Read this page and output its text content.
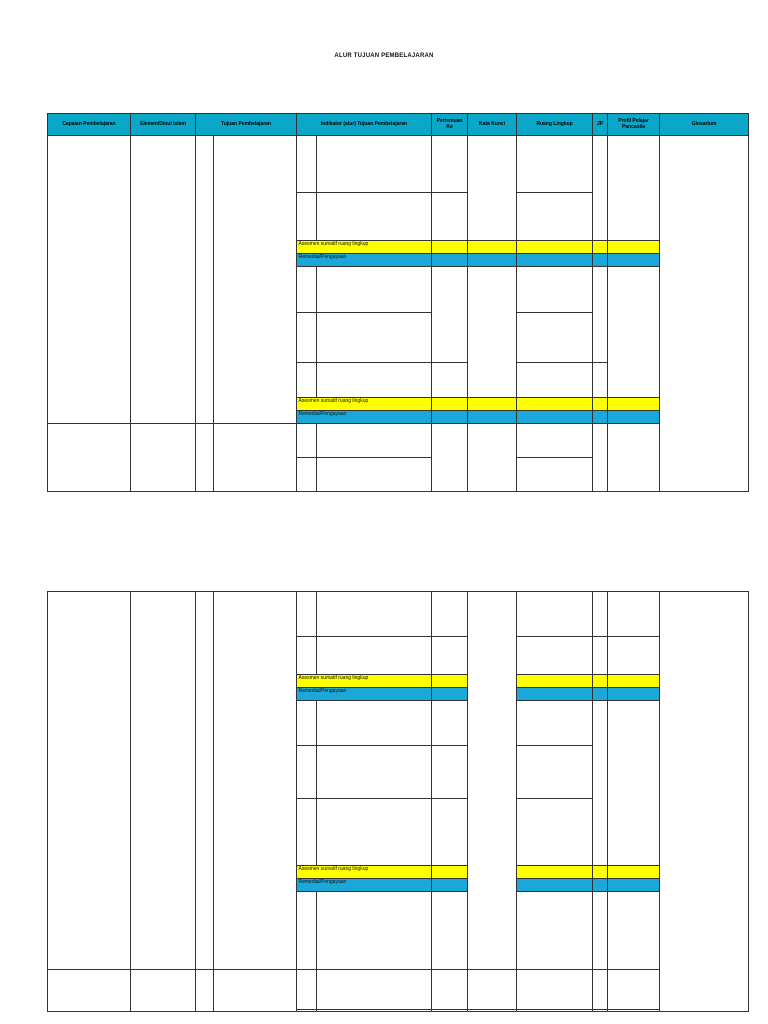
ALUR TUJUAN PEMBELAJARAN
Capaian Pembelajaran	Elemen/Dinul Islam	Tujuan Pembelajaran		Indikator (alur) Tujuan Pembelajaran		Pertemuan Ke	Kata Kunci	Ruang Lingkup	JP	Profil Pelajar Pancasila	Glosarium

				Asesmen sumatif ruang lingkup							
				Remedial/Pengayaan							

				Asesmen sumatif ruang lingkup							
				Remedial/Pengayaan							

				Asesmen sumatif ruang lingkup							
				Remedial/Pengayaan							

				Asesmen sumatif ruang lingkup							
				Remedial/Pengayaan							
